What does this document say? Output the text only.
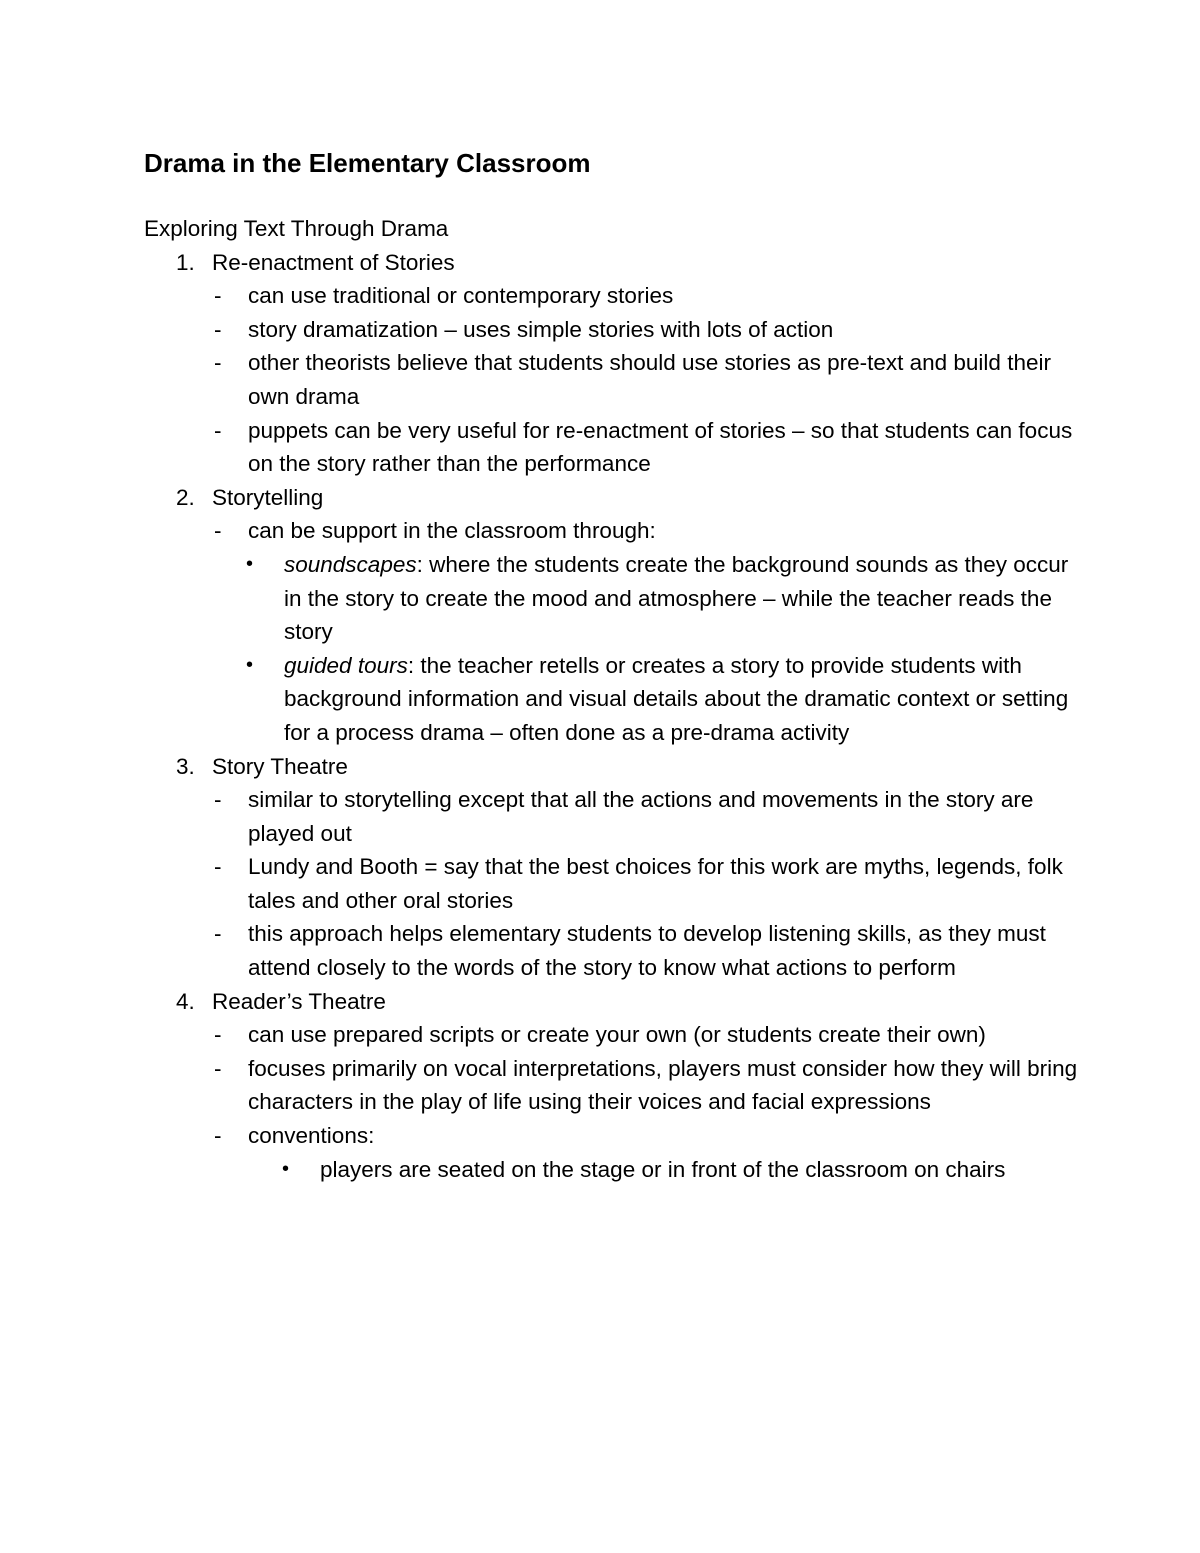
Drama in the Elementary Classroom
Exploring Text Through Drama
1. Re-enactment of Stories
- can use traditional or contemporary stories
- story dramatization – uses simple stories with lots of action
- other theorists believe that students should use stories as pre-text and build their own drama
- puppets can be very useful for re-enactment of stories – so that students can focus on the story rather than the performance
2. Storytelling
- can be support in the classroom through:
• soundscapes: where the students create the background sounds as they occur in the story to create the mood and atmosphere – while the teacher reads the story
• guided tours: the teacher retells or creates a story to provide students with background information and visual details about the dramatic context or setting for a process drama – often done as a pre-drama activity
3. Story Theatre
- similar to storytelling except that all the actions and movements in the story are played out
- Lundy and Booth = say that the best choices for this work are myths, legends, folk tales and other oral stories
- this approach helps elementary students to develop listening skills, as they must attend closely to the words of the story to know what actions to perform
4. Reader’s Theatre
- can use prepared scripts or create your own (or students create their own)
- focuses primarily on vocal interpretations, players must consider how they will bring characters in the play of life using their voices and facial expressions
- conventions:
• players are seated on the stage or in front of the classroom on chairs
